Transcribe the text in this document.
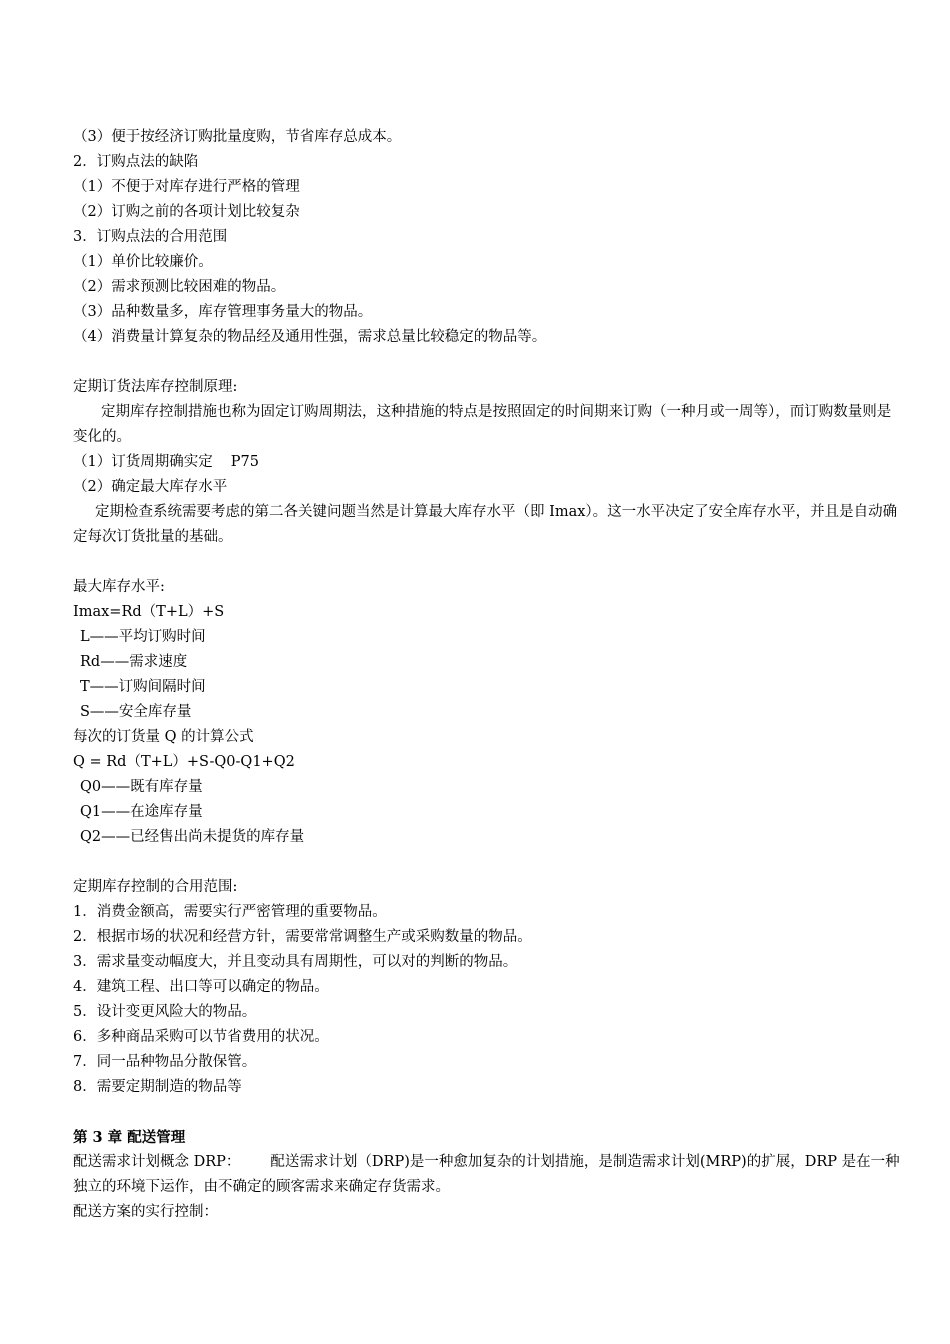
（3）便于按经济订购批量度购，节省库存总成本。
2．订购点法的缺陷
（1）不便于对库存进行严格的管理
（2）订购之前的各项计划比较复杂
3．订购点法的合用范围
（1）单价比较廉价。
（2）需求预测比较困难的物品。
（3）品种数量多，库存管理事务量大的物品。
（4）消费量计算复杂的物品经及通用性强，需求总量比较稳定的物品等。
定期订货法库存控制原理:
定期库存控制措施也称为固定订购周期法，这种措施的特点是按照固定的时间期来订购（一种月或一周等），而订购数量则是变化的。
（1）订货周期确实定 P75
（2）确定最大库存水平
定期检查系统需要考虑的第二各关键问题当然是计算最大库存水平（即 Imax）。这一水平决定了安全库存水平，并且是自动确定每次订货批量的基础。
最大库存水平:
Imax=Rd（T+L）+S
L——平均订购时间
Rd——需求速度
T——订购间隔时间
S——安全库存量
每次的订货量 Q 的计算公式
Q = Rd（T+L）+S-Q0-Q1+Q2
Q0——既有库存量
Q1——在途库存量
Q2——已经售出尚未提货的库存量
定期库存控制的合用范围:
1．消费金额高，需要实行严密管理的重要物品。
2．根据市场的状况和经营方针，需要常常调整生产或采购数量的物品。
3．需求量变动幅度大，并且变动具有周期性，可以对的判断的物品。
4．建筑工程、出口等可以确定的物品。
5．设计变更风险大的物品。
6．多种商品采购可以节省费用的状况。
7．同一品种物品分散保管。
8．需要定期制造的物品等
第 3 章 配送管理
配送需求计划概念 DRP： 配送需求计划（DRP)是一种愈加复杂的计划措施，是制造需求计划(MRP)的扩展，DRP 是在一种独立的环境下运作，由不确定的顾客需求来确定存货需求。
配送方案的实行控制：
